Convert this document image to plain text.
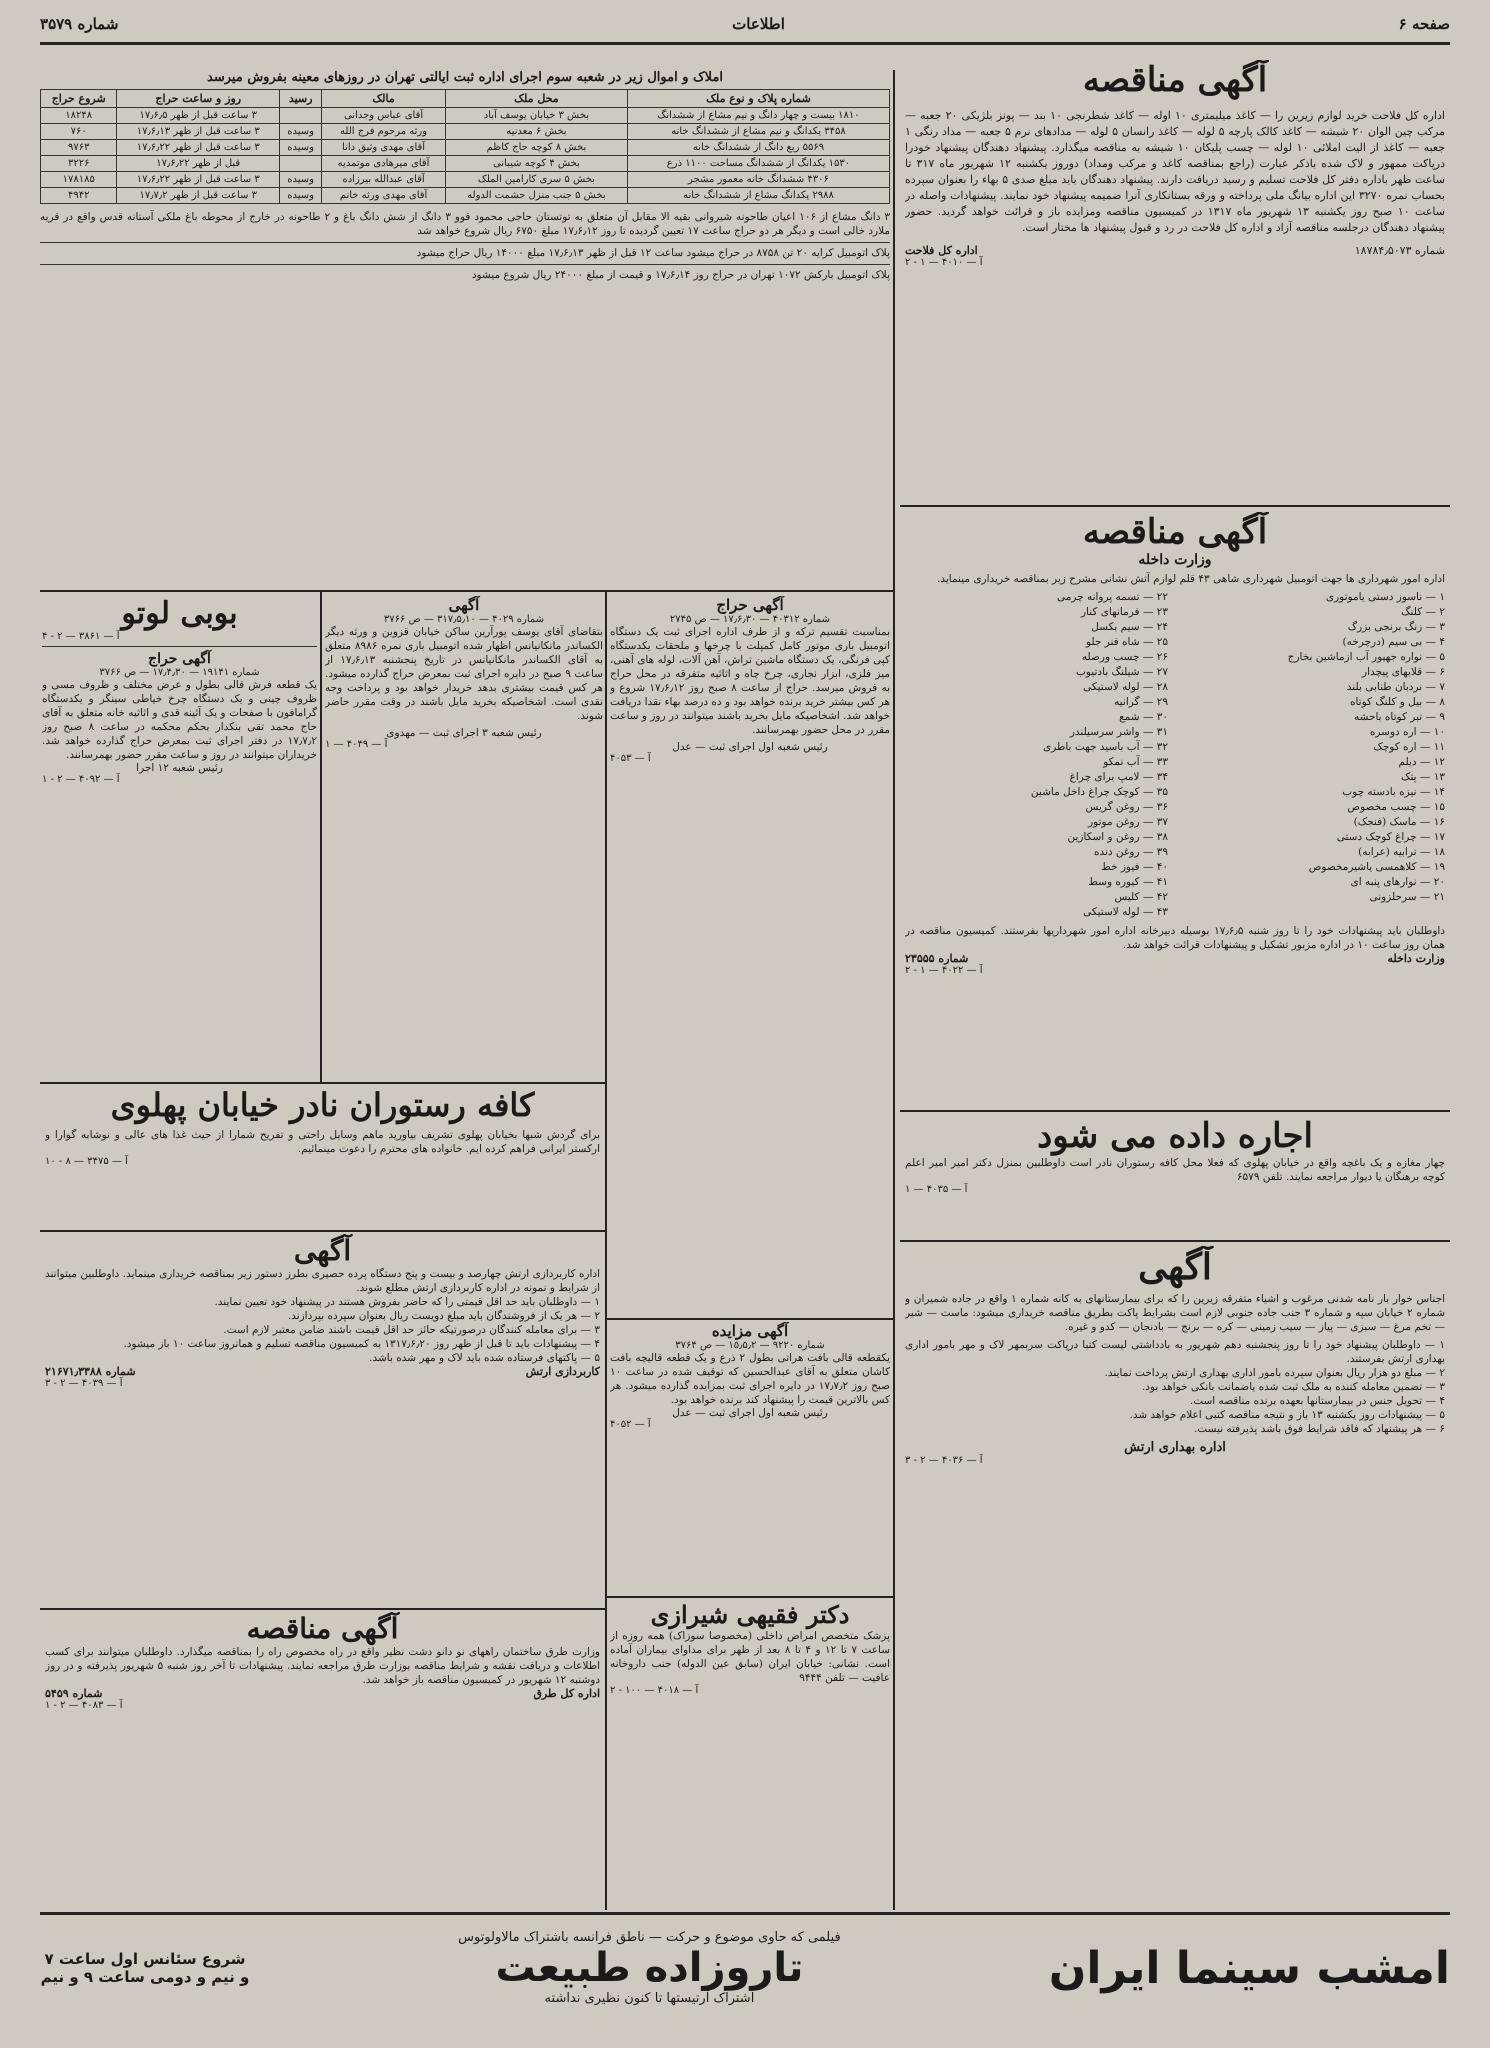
صفحه ۶
اطلاعات
شماره ۳۵۷۹
آگهی مناقصه
اداره کل فلاحت خرید لوازم زیرین را — کاغذ میلیمتری ۱۰ اوله — کاغذ شطرنجی ۱۰ بند — پونز بلژیکی ۲۰ جعبه — مرکب چین الوان ۲۰ شیشه — کاغذ کالک پارچه ۵ لوله — کاغذ رانسان ۵ لوله — مدادهای نرم ۵ جعبه — مداد رنگی ۱ جعبه — کاغذ از الیت املائی ۱۰ لوله — چسب پلیکان ۱۰ شیشه به مناقصه میگذارد. پیشنهاد دهندگان پیشنهاد خودرا درپاکت ممهور و لاک شده باذکر عبارت (راجع بمناقصه کاغذ و مرکب ومداد) دوروز یکشنبه ۱۲ شهریور ماه ۳۱۷ تا ساعت ظهر باداره دفتر کل فلاحت تسلیم و رسید دریافت دارند. پیشنهاد دهندگان باید مبلغ صدی ۵ بهاء را بعنوان سپرده بحساب نمره ۳۲۷۰ این اداره بیانگ ملی پرداخته و ورقه بستانکاری آنرا ضمیمه پیشنهاد خود نمایند. پیشنهادات واصله در ساعت ۱۰ صبح روز یکشنبه ۱۳ شهریور ماه ۱۳۱۷ در کمیسیون مناقصه ومزایده باز و قرائت خواهد گردید. حضور پیشنهاد دهندگان درجلسه مناقصه آزاد و اداره کل فلاحت در رد و قبول پیشنهاد ها مختار است.
شماره ۱۸۷۸۴٫۵۰۷۳
اداره کل فلاحت
آ — ۴۰۱۰ — ۱ - ۲
آگهی مناقصه
وزارت داخله
اداره امور شهرداری ها جهت اتومبیل شهرداری شاهی ۴۳ قلم لوازم آتش نشانی مشرح زیر بمناقصه خریداری مینماید.
۱ — ناسوز دستی یاموتوری
۲ — کلنگ
۳ — زنگ برنجی بزرگ
۴ — بی سیم (درچرخه)
۵ — نواره جهیور آب ازماشین بخارج
۶ — قلابهای پیچدار
۷ — نردبان طنابی بلند
۸ — بیل و کلنگ کوتاه
۹ — تبر کوتاه باحشه
۱۰ — اره دوسره
۱۱ — اره کوچک
۱۲ — دیلم
۱۳ — پتک
۱۴ — نیزه بادسته چوب
۱۵ — چسب مخصوص
۱۶ — ماسک (فنجک)
۱۷ — چراغ کوچک دستی
۱۸ — ترابیه (عرابه)
۱۹ — کلاهمسی یاشیرمخصوص
۲۰ — نوارهای پنبه ای
۲۱ — سرحلزونی
۲۲ — تسمه پروانه چرمی
۲۳ — فرمانهای کنار
۲۴ — سیم بکسل
۲۵ — شاه فنر جلو
۲۶ — چسب ورصله
۲۷ — شیلنگ بادتیوب
۲۸ — لوله لاستیکی
۲۹ — گرانیه
۳۰ — شمع
۳۱ — واشر سرسیلندر
۳۲ — آب باسید جهت باطری
۳۳ — آب نمکو
۳۴ — لامپ برای چراغ
۳۵ — کوچک چراغ داخل ماشین
۳۶ — روغن گریس
۳۷ — روغن موتور
۳۸ — روغن و اسکازین
۳۹ — روغن دنده
۴۰ — فیوز خط
۴۱ — کیوره وسط
۴۲ — کلیس
۴۳ — لوله لاستیکی
داوطلبان باید پیشنهادات خود را تا روز شنبه ۱۷٫۶٫۵ بوسیله دبیرخانه اداره امور شهرداریها بفرستند. کمیسیون مناقصه در همان روز ساعت ۱۰ در اداره مزبور تشکیل و پیشنهادات قرائت خواهد شد.
وزارت داخله
شماره ۲۳۵۵۵
آ — ۴۰۲۲ — ۱ - ۲
اجاره داده می شود
چهار مغازه و یک باغچه واقع در خیابان پهلوی که فعلا محل کافه رستوران نادر است داوطلبین بمنزل دکتر امیر امیر اعلم کوچه برهنگان یا دیوار مراجعه نمایند. تلفن ۶۵۷۹
آ — ۴۰۳۵ — ۱
آگهی
اجناس خوار بار نامه شدنی مرغوب و اشیاء متفرقه زیرین را که برای بیمارستانهای به کانه شماره ۱ واقع در جاده شمیران و شماره ۲ خیابان سپه و شماره ۳ جنب جاده جنوبی لازم است بشرایط پاکت بطریق مناقصه خریداری میشود: ماست — شیر — تخم مرغ — سبزی — پیاز — سیب زمینی — کره — برنج — بادنجان — کدو و غیره.
۱ — داوطلبان پیشنهاد خود را تا روز پنجشنبه دهم شهریور به بادداشتی لیست کتبا درپاکت سربمهر لاک و مهر بامور اداری بهداری ارتش بفرستند.
۲ — مبلغ دو هزار ریال بعنوان سپرده بامور اداری بهداری ارتش پرداخت نمایند.
۳ — تضمین معامله کننده به ملک ثبت شده یاضمانت بانکی خواهد بود.
۴ — تحویل جنس در بیمارستانها بعهده برنده مناقصه است.
۵ — پیشنهادات روز یکشنبه ۱۳ باز و نتیجه مناقصه کتبی اعلام خواهد شد.
۶ — هر پیشنهاد که فاقد شرایط فوق باشد پذیرفته نیست.
اداره بهداری ارتش
آ — ۴۰۳۶ — ۲ - ۳
املاک و اموال زیر در شعبه سوم اجرای اداره ثبت ایالتی تهران در روزهای معینه بفروش میرسد
شماره پلاک و نوع ملک	محل ملک	مالک	رسید	روز و ساعت حراج	شروع حراج
۱۸۱۰ بیست و چهار دانگ و نیم مشاع از ششدانگ	بخش ۳ خیابان یوسف آباد	آقای عباس وجدانی		۳ ساعت قبل از ظهر ۱۷٫۶٫۵	۱۸۲۴۸
۳۴۵۸ یکدانگ و نیم مشاع از ششدانگ خانه	بخش ۶ معدنیه	ورثه مرحوم فرج الله	وسیده	۳ ساعت قبل از ظهر ۱۷٫۶٫۱۳	۷۶۰
۵۵۶۹ ربع دانگ از ششدانگ خانه	بخش ۸ کوچه حاج کاظم	آقای مهدی وثیق دانا	وسیده	۳ ساعت قبل از ظهر ۱۷٫۶٫۲۲	۹۷۶۳
۱۵۳۰ یکدانگ از ششدانگ مساحت ۱۱۰۰ ذرع	بخش ۴ کوچه شیبانی	آقای میرهادی موتمدیه		قبل از ظهر ۱۷٫۶٫۲۲	۳۲۲۶
۴۳۰۶ ششدانگ خانه معمور مشجر	بخش ۵ سری کارامین الملک	آقای عبدالله بیرزاده	وسیده	۳ ساعت قبل از ظهر ۱۷٫۶٫۲۲	۱۷۸۱۸۵
۲۹۸۸ یکدانگ مشاع از ششدانگ خانه	بخش ۵ جنب منزل حشمت الدوله	آقای مهدی ورثه خانم	وسیده	۳ ساعت قبل از ظهر ۱۷٫۷٫۲	۴۹۴۲
۳ دانگ مشاع از ۱۰۶ اعیان طاحونه شیروانی بقیه الا مقابل آن متعلق به توتستان حاجی محمود قوو ۳ دانگ از شش دانگ باغ و ۲ طاحونه در خارج از محوطه باغ ملکی آستانه قدس واقع در قریه ملارد خالی است و دیگر هر دو حراج ساعت ۱۷ تعیین گردیده تا روز ۱۷٫۶٫۱۲ مبلغ ۶۷۵۰ ریال شروع خواهد شد
پلاک اتومبیل کرایه ۲۰ تن ۸۷۵۸ در حراج میشود ساعت ۱۲ قبل از ظهر ۱۷٫۶٫۱۳ مبلغ ۱۴۰۰۰ ریال حراج میشود
پلاک اتومبیل بارکش ۱۰۷۲ تهران در حراج روز ۱۷٫۶٫۱۴ و قیمت از مبلغ ۲۴۰۰۰ ریال شروع میشود
آگهی حراج
شماره ۴۰۳۱۲ — ۱۷٫۶٫۳۰ — ص ۲۷۴۵
بمناسبت تقسیم ترکه و از طرف اداره اجرای ثبت یک دستگاه اتومبیل باری موتور کامل کمپلت با چرخها و ملحقات یکدستگاه کپی فرنگی، یک دستگاه ماشین تراش، آهن آلات، لوله های آهنی، میز فلزی، ابزار نجاری، چرخ چاه و اثاثیه متفرقه در محل حراج به فروش میرسد. حراج از ساعت ۸ صبح روز ۱۷٫۶٫۱۲ شروع و هر کس بیشتر خرید برنده خواهد بود و ده درصد بهاء نقدا دریافت خواهد شد. اشخاصیکه مایل بخرید باشند میتوانند در روز و ساعت مقرر در محل حضور بهمرسانند.
رئیس شعبه اول اجرای ثبت — عدل
آ — ۴۰۵۳
آگهی مزایده
شماره ۹۲۲۰ — ۱۵٫۵٫۲ — ص ۳۷۶۴
یکقطعه قالی بافت هراتی بطول ۲ ذرع و یک قطعه قالیچه بافت کاشان متعلق به آقای عبدالحسین که توقیف شده در ساعت ۱۰ صبح روز ۱۷٫۷٫۲ در دایره اجرای ثبت بمزایده گذارده میشود. هر کس بالاترین قیمت را پیشنهاد کند برنده خواهد بود.
رئیس شعبه اول اجرای ثبت — عدل
آ — ۴۰۵۲
دکتر فقیهی شیرازی
پزشک متخصص امراض داخلی (مخصوصا سوزاک) همه روزه از ساعت ۷ تا ۱۲ و ۴ تا ۸ بعد از ظهر برای مداوای بیماران آماده است. نشانی: خیابان ایران (سابق عین الدوله) جنب داروخانه عافیت — تلفن ۹۴۴۴
آ — ۴۰۱۸ — ۱۰۰ - ۲
آگهی
شماره ۴۰۲۹ — ۳۱۷٫۵٫۱۰ — ص ۳۷۶۶
بتقاضای آقای یوسف پورآرین ساکن خیابان قزوین و ورثه دیگر الکساندر مانکانیانس اظهار شده اتومبیل باری نمره ۸۹۸۶ متعلق به آقای الکساندر مانکانیانس در تاریخ پنجشنبه ۱۷٫۶٫۱۳ از ساعت ۹ صبح در دایره اجرای ثبت بمعرض حراج گذارده میشود. هر کس قیمت بیشتری بدهد خریدار خواهد بود و پرداخت وجه نقدی است. اشخاصیکه بخرید مایل باشند در وقت مقرر حاضر شوند.
رئیس شعبه ۳ اجرای ثبت — مهدوی
آ — ۴۰۴۹ — ۱
بوبی لوتو
آ — ۳۸۶۱ — ۲ - ۴
آگهی حراج
شماره ۱۹۱۴۱ — ۱۷٫۴٫۳۰ — ص ۳۷۶۶
یک قطعه فرش قالی بطول و عرض مختلف و ظروف مسی و ظروف چینی و یک دستگاه چرخ خیاطی سینگر و یکدستگاه گرامافون با صفحات و یک آئینه قدی و اثاثیه خانه متعلق به آقای حاج محمد تقی بنکدار بحکم محکمه در ساعت ۸ صبح روز ۱۷٫۷٫۲ در دفتر اجرای ثبت بمعرض حراج گذارده خواهد شد. خریداران میتوانند در روز و ساعت مقرر حضور بهمرسانند.
رئیس شعبه ۱۲ اجرا
آ — ۴۰۹۲ — ۲ - ۱
کافه رستوران نادر خیابان پهلوی
برای گردش شبها بخیابان پهلوی تشریف بیاورید ماهم وسایل راحتی و تفریح شمارا از حیث غذا های عالی و نوشابه گوارا و ارکستر ایرانی فراهم کرده ایم. خانواده های محترم را دعوت مینمائیم.
آ — ۳۴۷۵ — ۸ - ۱۰
آگهی
اداره کاربردازی ارتش چهارصد و بیست و پنج دستگاه پرده حصیری بطرز دستور زیر بمناقصه خریداری مینماید. داوطلبین میتوانند از شرایط و نمونه در اداره کاربردازی ارتش مطلع شوند.
۱ — داوطلبان باید حد اقل قیمتی را که حاضر بفروش هستند در پیشنهاد خود تعیین نمایند.
۲ — هر یک از فروشندگان باید مبلغ دویست ریال بعنوان سپرده بپردازند.
۳ — برای معامله کنندگان درصورتیکه حائز حد اقل قیمت باشند ضامن معتبر لازم است.
۴ — پیشنهادات باید تا قبل از ظهر روز ۱۳۱۷٫۶٫۲۰ به کمیسیون مناقصه تسلیم و همانروز ساعت ۱۰ باز میشود.
۵ — پاکتهای فرستاده شده باید لاک و مهر شده باشد.
کاربردازی ارتش
شماره ۲۱۶۷۱٫۳۳۸۸
آ — ۴۰۳۹ — ۲ - ۳
آگهی مناقصه
وزارت طرق ساختمان راههای نو دانو دشت نظیر واقع در راه مخصوص راه را بمناقصه میگذارد. داوطلبان میتوانند برای کسب اطلاعات و دریافت نقشه و شرایط مناقصه بوزارت طرق مراجعه نمایند. پیشنهادات تا آخر روز شنبه ۵ شهریور پذیرفته و در روز دوشنبه ۱۲ شهریور در کمیسیون مناقصه باز خواهد شد.
اداره کل طرق
شماره ۵۴۵۹
آ — ۴۰۸۳ — ۲ - ۱
امشب سینما ایران
فیلمی که حاوی موضوع و حرکت — ناطق فرانسه باشتراک مالاولوتوس
تاروزاده طبیعت
اشتراک آرتیستها تا کنون نظیری نداشته
شروع سئانس اول ساعت ۷ و نیم و دومی ساعت ۹ و نیم
